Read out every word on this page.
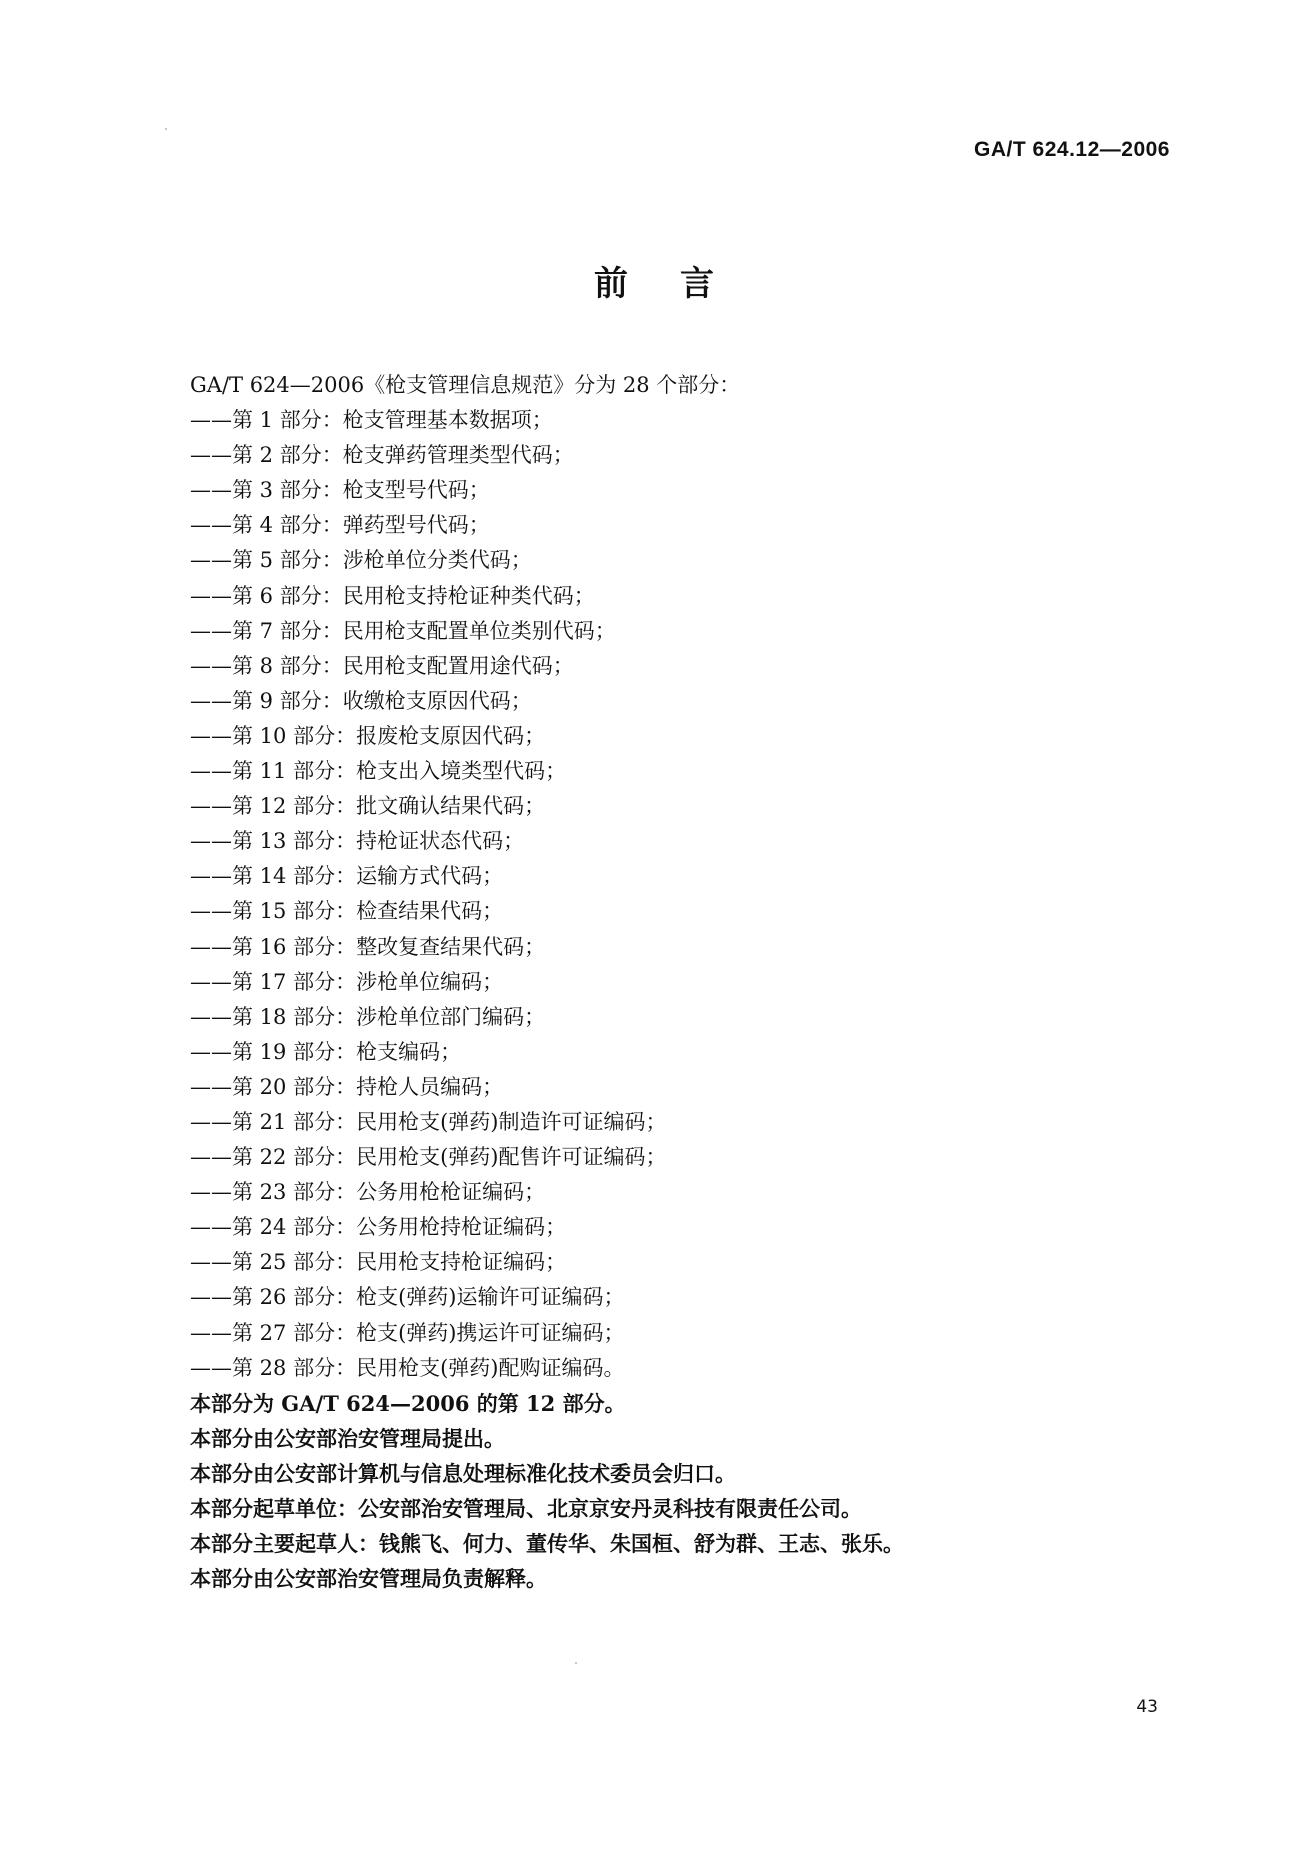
GA/T 624.12—2006
前言
GA/T 624—2006《枪支管理信息规范》分为 28 个部分：
——第 1 部分：枪支管理基本数据项；
——第 2 部分：枪支弹药管理类型代码；
——第 3 部分：枪支型号代码；
——第 4 部分：弹药型号代码；
——第 5 部分：涉枪单位分类代码；
——第 6 部分：民用枪支持枪证种类代码；
——第 7 部分：民用枪支配置单位类别代码；
——第 8 部分：民用枪支配置用途代码；
——第 9 部分：收缴枪支原因代码；
——第 10 部分：报废枪支原因代码；
——第 11 部分：枪支出入境类型代码；
——第 12 部分：批文确认结果代码；
——第 13 部分：持枪证状态代码；
——第 14 部分：运输方式代码；
——第 15 部分：检查结果代码；
——第 16 部分：整改复查结果代码；
——第 17 部分：涉枪单位编码；
——第 18 部分：涉枪单位部门编码；
——第 19 部分：枪支编码；
——第 20 部分：持枪人员编码；
——第 21 部分：民用枪支(弹药)制造许可证编码；
——第 22 部分：民用枪支(弹药)配售许可证编码；
——第 23 部分：公务用枪枪证编码；
——第 24 部分：公务用枪持枪证编码；
——第 25 部分：民用枪支持枪证编码；
——第 26 部分：枪支(弹药)运输许可证编码；
——第 27 部分：枪支(弹药)携运许可证编码；
——第 28 部分：民用枪支(弹药)配购证编码。
本部分为 GA/T 624—2006 的第 12 部分。
本部分由公安部治安管理局提出。
本部分由公安部计算机与信息处理标准化技术委员会归口。
本部分起草单位：公安部治安管理局、北京京安丹灵科技有限责任公司。
本部分主要起草人：钱熊飞、何力、董传华、朱国桓、舒为群、王志、张乐。
本部分由公安部治安管理局负责解释。
43
